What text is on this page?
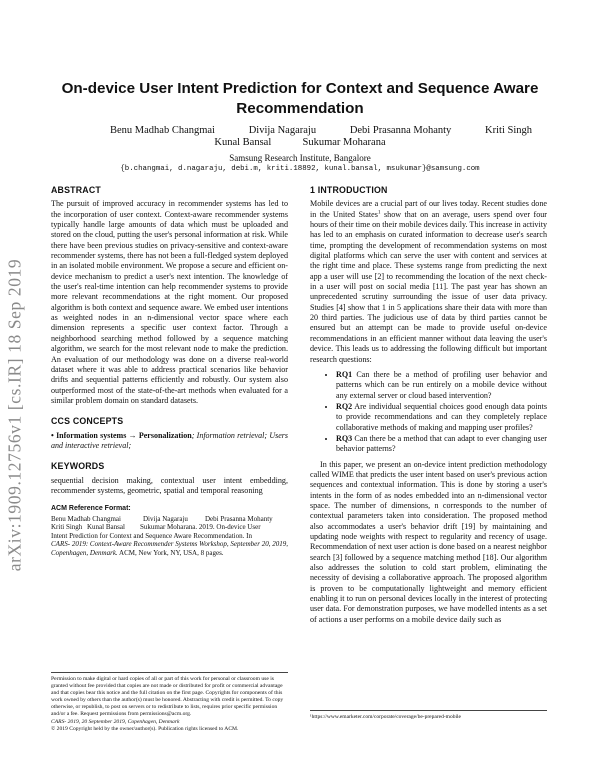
arXiv:1909.12756v1 [cs.IR] 18 Sep 2019
On-device User Intent Prediction for Context and Sequence Aware Recommendation
Benu Madhab Changmai	Divija Nagaraju	Debi Prasanna Mohanty	Kriti Singh
Kunal Bansal	Sukumar Moharana
Samsung Research Institute, Bangalore
{b.changmai, d.nagaraju, debi.m, kriti.18892, kunal.bansal, msukumar}@samsung.com
ABSTRACT

The pursuit of improved accuracy in recommender systems has led to the incorporation of user context. Context-aware recommender systems typically handle large amounts of data which must be uploaded and stored on the cloud, putting the user's personal information at risk. While there have been previous studies on privacy-sensitive and context-aware recommender systems, there has not been a full-fledged system deployed in an isolated mobile environment. We propose a secure and efficient on-device mechanism to predict a user's next intention. The knowledge of the user's real-time intention can help recommender systems to provide more relevant recommendations at the right moment. Our proposed algorithm is both context and sequence aware. We embed user intentions as weighted nodes in an n-dimensional vector space where each dimension represents a specific user context factor. Through a neighborhood searching method followed by a sequence matching algorithm, we search for the most relevant node to make the prediction. An evaluation of our methodology was done on a diverse real-world dataset where it was able to address practical scenarios like behavior drifts and sequential patterns efficiently and robustly. Our system also outperformed most of the state-of-the-art methods when evaluated for a similar problem domain on standard datasets.

CCS CONCEPTS

• Information systems → Personalization; Information retrieval; Users and interactive retrieval;

KEYWORDS

sequential decision making, contextual user intent embedding, recommender systems, geometric, spatial and temporal reasoning

ACM Reference Format:
Benu Madhab Changmai	Divija Nagaraju	Debi Prasanna Mohanty
Kriti Singh Kunal Bansal	Sukumar Moharana. 2019. On-device User
Intent Prediction for Context and Sequence Aware Recommendation. In
CARS- 2019: Context-Aware Recommender Systems Workshop, September 20, 2019, Copenhagen, Denmark. ACM, New York, NY, USA, 8 pages.
Permission to make digital or hard copies of all or part of this work for personal or classroom use is granted without fee provided that copies are not made or distributed for profit or commercial advantage and that copies bear this notice and the full citation on the first page. Copyrights for components of this work owned by others than the author(s) must be honored. Abstracting with credit is permitted. To copy otherwise, or republish, to post on servers or to redistribute to lists, requires prior specific permission and/or a fee. Request permissions from permissions@acm.org.
CARS- 2019, 20 September 2019, Copenhagen, Denmark
© 2019 Copyright held by the owner/author(s). Publication rights licensed to ACM.
1 INTRODUCTION

Mobile devices are a crucial part of our lives today. Recent studies done in the United States$^1$ show that on an average, users spend over four hours of their time on their mobile devices daily. This increase in activity has led to an emphasis on curated information to decrease user's search time, prompting the development of recommendation systems on most digital platforms which can serve the user with content and services at the right time and place. These systems range from predicting the next app a user will use [2] to recommending the location of the next check-in a user will post on social media [11]. The past year has shown an unprecedented scrutiny surrounding the issue of user data privacy. Studies [4] show that 1 in 5 applications share their data with more than 20 third parties. The judicious use of data by third parties cannot be ensured but an attempt can be made to provide useful on-device recommendations in an efficient manner without data leaving the user's device. This leads us to addressing the following difficult but important research questions:

• RQ1 Can there be a method of profiling user behavior and patterns which can be run entirely on a mobile device without any external server or cloud based intervention?
• RQ2 Are individual sequential choices good enough data points to provide recommendations and can they completely replace collaborative methods of making and mapping user profiles?
• RQ3 Can there be a method that can adapt to ever changing user behavior patterns?

In this paper, we present an on-device intent prediction methodology called WIME that predicts the user intent based on user's previous action sequences and contextual information. This is done by storing a user's intents in the form of as nodes embedded into an n-dimensional vector space. The number of dimensions, n corresponds to the number of contextual parameters taken into consideration. The proposed method also accommodates a user's behavior drift [19] by maintaining and updating node weights with respect to regularity and recency of usage. Recommendation of next user action is done based on a nearest neighbor search [3] followed by a sequence matching method [18]. Our algorithm also addresses the solution to cold start problem, eliminating the necessity of devising a collaborative approach. The proposed algorithm is proven to be computationally lightweight and memory efficient enabling it to run on personal devices locally in the interest of protecting user data. For demonstration purposes, we have modelled intents as a set of actions a user performs on a mobile device daily such as

¹https://www.emarketer.com/corporate/coverage/be-prepared-mobile
